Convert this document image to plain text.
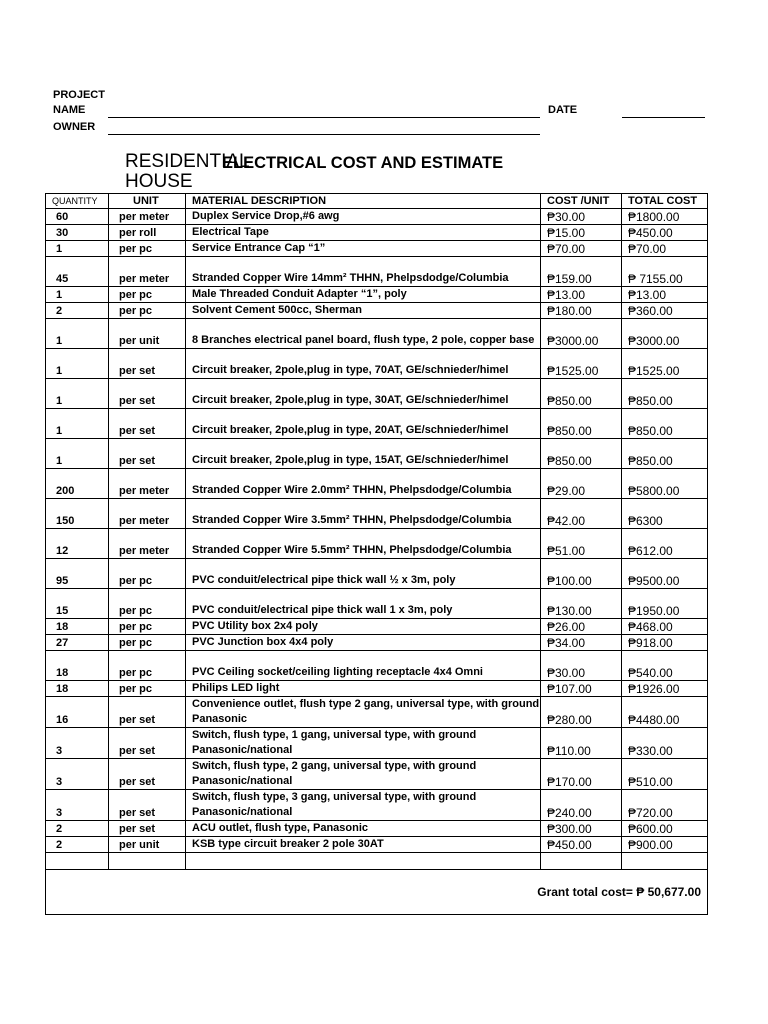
PROJECT
NAME	DATE
OWNER
RESIDENTIAL HOUSE
ELECTRICAL COST AND ESTIMATE
QUANTITY	UNIT	MATERIAL DESCRIPTION	COST /UNIT	TOTAL COST
60	per meter	Duplex Service Drop,#6 awg	₱30.00	₱1800.00
30	per roll	Electrical Tape	₱15.00	₱450.00
1	per pc	Service Entrance Cap “1”	₱70.00	₱70.00
45	per meter	Stranded Copper Wire 14mm² THHN, Phelpsdodge/Columbia	₱159.00	₱ 7155.00
1	per pc	Male Threaded Conduit Adapter “1”, poly	₱13.00	₱13.00
2	per pc	Solvent Cement 500cc, Sherman	₱180.00	₱360.00
1	per unit	8 Branches electrical panel board, flush type, 2 pole, copper base	₱3000.00	₱3000.00
1	per set	Circuit breaker, 2pole,plug in type, 70AT, GE/schnieder/himel	₱1525.00	₱1525.00
1	per set	Circuit breaker, 2pole,plug in type, 30AT, GE/schnieder/himel	₱850.00	₱850.00
1	per set	Circuit breaker, 2pole,plug in type, 20AT, GE/schnieder/himel	₱850.00	₱850.00
1	per set	Circuit breaker, 2pole,plug in type, 15AT, GE/schnieder/himel	₱850.00	₱850.00
200	per meter	Stranded Copper Wire 2.0mm² THHN, Phelpsdodge/Columbia	₱29.00	₱5800.00
150	per meter	Stranded Copper Wire 3.5mm² THHN, Phelpsdodge/Columbia	₱42.00	₱6300
12	per meter	Stranded Copper Wire 5.5mm² THHN, Phelpsdodge/Columbia	₱51.00	₱612.00
95	per pc	PVC conduit/electrical pipe thick wall ½ x 3m, poly	₱100.00	₱9500.00
15	per pc	PVC conduit/electrical pipe thick wall 1 x 3m, poly	₱130.00	₱1950.00
18	per pc	PVC Utility box 2x4 poly	₱26.00	₱468.00
27	per pc	PVC Junction box 4x4 poly	₱34.00	₱918.00
18	per pc	PVC Ceiling socket/ceiling lighting receptacle 4x4 Omni	₱30.00	₱540.00
18	per pc	Philips LED light	₱107.00	₱1926.00
16	per set	Convenience outlet, flush type 2 gang, universal type, with ground Panasonic	₱280.00	₱4480.00
3	per set	Switch, flush type, 1 gang, universal type, with ground Panasonic/national	₱110.00	₱330.00
3	per set	Switch, flush type, 2 gang, universal type, with ground Panasonic/national	₱170.00	₱510.00
3	per set	Switch, flush type, 3 gang, universal type, with ground Panasonic/national	₱240.00	₱720.00
2	per set	ACU outlet, flush type, Panasonic	₱300.00	₱600.00
2	per unit	KSB type circuit breaker 2 pole 30AT	₱450.00	₱900.00

Grant total cost= ₱ 50,677.00				
